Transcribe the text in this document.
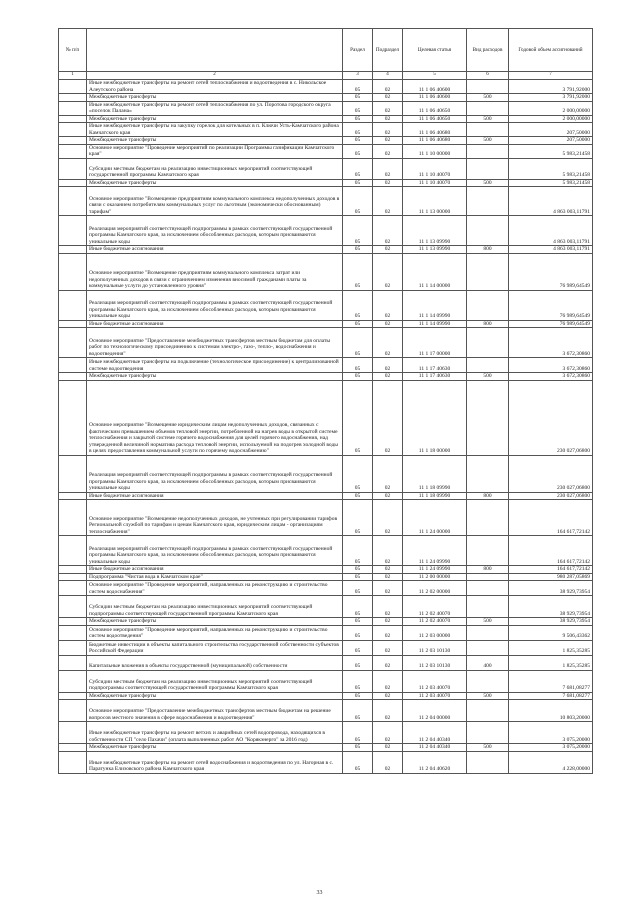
№ п/п		Раздел	Подраздел	Целевая статья	Вид расходов	Годовой объем ассигнований
1	2	3	4	5	6	7
	Иные межбюджетные трансферты на ремонт сетей теплоснабжения и водоотведения в с. Никольское Алеутского района	05	02	11 1 06 40600		3 791,92000
	Межбюджетные трансферты	05	02	11 1 06 40600	500	3 791,92000
	Иные межбюджетные трансферты на ремонт сетей теплоснабжения по ул. Поротова городского округа «поселок Палана»	05	02	11 1 06 40650		2 000,00000
	Межбюджетные трансферты	05	02	11 1 06 40650	500	2 000,00000
	Иные межбюджетные трансферты на закупку горелок для котельных в п. Ключи Усть-Камчатского района Камчатского края	05	02	11 1 06 40680		207,50000
	Межбюджетные трансферты	05	02	11 1 06 40680	500	207,50000
	Основное мероприятие "Проведение мероприятий по реализации Программы газификации Камчатского края"	05	02	11 1 10 00000		5 983,21458
	Субсидии местным бюджетам на реализацию инвестиционных мероприятий соответствующей государственной программы Камчатского края	05	02	11 1 10 40070		5 983,21458
	Межбюджетные трансферты	05	02	11 1 10 40070	500	5 983,21458
	Основное мероприятие "Возмещение предприятиям коммунального комплекса недополученных доходов в связи с оказанием потребителям коммунальных услуг по льготным (экономически обоснованным) тарифам"	05	02	11 1 13 00000		4 863 003,11791
	Реализация мероприятий соответствующей подпрограммы в рамках соответствующей государственной программы Камчатского края, за исключением обособленных расходов, которым присваиваются уникальные коды	05	02	11 1 13 09990		4 863 003,11791
	Иные бюджетные ассигнования	05	02	11 1 13 09990	800	4 863 003,11791
	Основное мероприятие "Возмещение предприятиям коммунального комплекса затрат или недополученных доходов в связи с ограничением изменения вносимой гражданами платы за коммунальные услуги до установленного уровня"	05	02	11 1 14 00000		76 989,64549
	Реализация мероприятий соответствующей подпрограммы в рамках соответствующей государственной программы Камчатского края, за исключением обособленных расходов, которым присваиваются уникальные коды	05	02	11 1 14 09990		76 989,64549
	Иные бюджетные ассигнования	05	02	11 1 14 09990	800	76 989,64549
	Основное мероприятие "Предоставление межбюджетных трансфертов местным бюджетам для оплаты работ по технологическому присоединению к системам электро-, газо-, тепло-, водоснабжения и водоотведения"	05	02	11 1 17 00000		3 672,30860
	Иные межбюджетные трансферты на подключение (технологическое присоединение) к централизованной системе водоотведения	05	02	11 1 17 40630		3 672,30860
	Межбюджетные трансферты	05	02	11 1 17 40630	500	3 672,30860
	Основное мероприятие "Возмещение юридическим лицам недополученных доходов, связанных с фактическим превышением объемов тепловой энергии, потребленной на нагрев воды в открытой системе теплоснабжения и закрытой системе горячего водоснабжения для целей горячего водоснабжения, над утвержденной величиной норматива расхода тепловой энергии, используемой на подогрев холодной воды в целях предоставления коммунальной услуги по горячему водоснабжению"	05	02	11 1 18 00000		230 027,06800
	Реализация мероприятий соответствующей подпрограммы в рамках соответствующей государственной программы Камчатского края, за исключением обособленных расходов, которым присваиваются уникальные коды	05	02	11 1 18 09990		230 027,06800
	Иные бюджетные ассигнования	05	02	11 1 18 09990	800	230 027,06800
	Основное мероприятие "Возмещение недополученных доходов, не учтенных при регулировании тарифов Региональной службой по тарифам и ценам Камчатского края, юридическим лицам - организациям теплоснабжения"	05	02	11 1 24 00000		164 617,72142
	Реализация мероприятий соответствующей подпрограммы в рамках соответствующей государственной программы Камчатского края, за исключением обособленных расходов, которым присваиваются уникальные коды	05	02	11 1 24 09990		164 617,72142
	Иные бюджетные ассигнования	05	02	11 1 24 09990	800	164 617,72142
	Подпрограмма "Чистая вода в Камчатском крае"	05	02	11 2 00 00000		980 287,05869
	Основное мероприятие "Проведение мероприятий, направленных на реконструкцию и строительство систем водоснабжения"	05	02	11 2 02 00000		38 929,73954
	Субсидии местным бюджетам на реализацию инвестиционных мероприятий соответствующей подпрограммы соответствующей государственной программы Камчатского края	05	02	11 2 02 40070		38 929,73954
	Межбюджетные трансферты	05	02	11 2 02 40070	500	38 929,73954
	Основное мероприятие "Проведение мероприятий, направленных на реконструкцию и строительство систем водоотведения"	05	02	11 2 03 00000		9 506,43362
	Бюджетные инвестиции в объекты капитального строительства государственной собственности субъектов Российской Федерации	05	02	11 2 03 10130		1 825,35285
	Капитальные вложения в объекты государственной (муниципальной) собственности	05	02	11 2 03 10130	400	1 825,35285
	Субсидии местным бюджетам на реализацию инвестиционных мероприятий соответствующей подпрограммы соответствующей государственной программы Камчатского края	05	02	11 2 03 40070		7 681,08277
	Межбюджетные трансферты	05	02	11 2 03 40070	500	7 681,08277
	Основное мероприятие "Предоставление межбюджетных трансфертов местным бюджетам на решение вопросов местного значения в сфере водоснабжения и водоотведения"	05	02	11 2 04 00000		10 803,20000
	Иные межбюджетные трансферты на ремонт ветхих и аварийных сетей водопровода, находящихся в собственности СП "село Пахачи" (оплата выполненных работ АО "Корякэнерго" за 2016 год)	05	02	11 2 04 40340		3 075,20000
	Межбюджетные трансферты	05	02	11 2 04 40340	500	3 075,20000
	Иные межбюджетные трансферты на ремонт сетей водоснабжения и водоотведения по ул. Нагорная в с. Паратунка Елизовского района Камчатского края	05	02	11 2 04 40620		4 228,00000
33
